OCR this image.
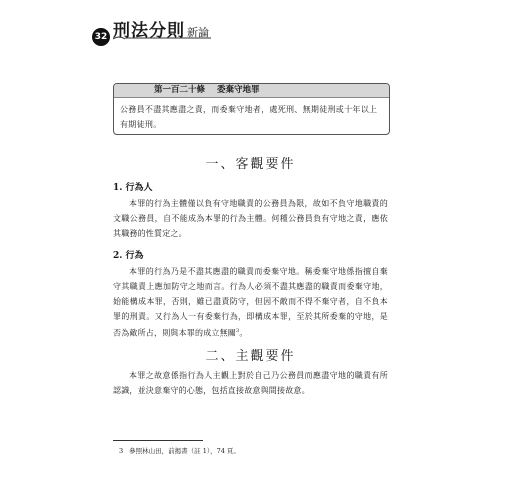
32 刑法分則 新論
第一百二十條 委棄守地罪
公務員不盡其應盡之責，而委棄守地者，處死刑、無期徒刑或十年以上有期徒刑。
一、客觀要件
1. 行為人

本罪的行為主體僅以負有守地職責的公務員為限，故如不負守地職責的文職公務員，自不能成為本罪的行為主體。何種公務員負有守地之責，應依其職務的性質定之。

2. 行為

本罪的行為乃是不盡其應盡的職責而委棄守地。稱委棄守地係指擅自棄守其職責上應加防守之地而言。行為人必須不盡其應盡的職責而委棄守地，始能構成本罪，否則，雖已盡責防守，但因不敵而不得不棄守者，自不負本罪的刑責。又行為人一有委棄行為，即構成本罪，至於其所委棄的守地，是否為敵所占，則與本罪的成立無關$^3$。

二、主觀要件

本罪之故意係指行為人主觀上對於自己乃公務員而應盡守地的職責有所認識，並決意棄守的心態，包括直接故意與間接故意。

3 參照林山田，前揭書（註 1），74 頁。
